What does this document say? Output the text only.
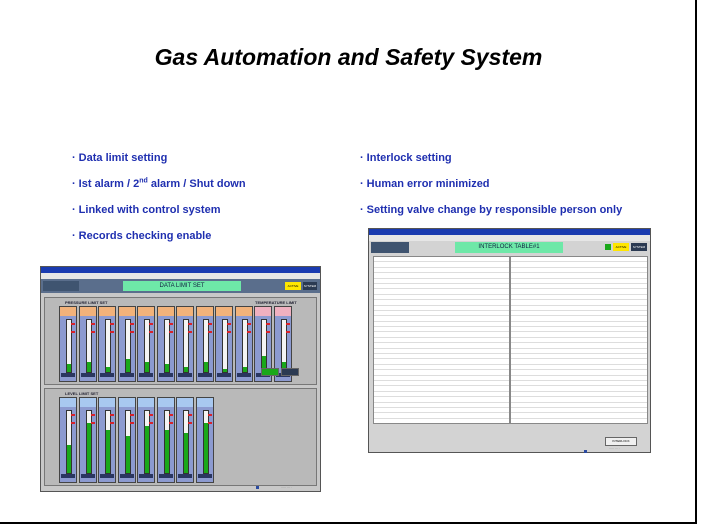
Gas Automation and Safety System
· Data limit setting
· Ist alarm / 2nd alarm / Shut down
· Linked with control system
· Records checking enable
· Interlock setting
· Human error minimized
· Setting valve change by responsible person only
DATA LIMIT SET	ACTIVE	SYSTEM
PRESSURE LIMIT SET	TEMPERATURE LIMIT
LEVEL LIMIT SET
····· ··· ·
INTERLOCK TABLE#1	ACTIVE	SYSTEM
INTERLOCK
····· ··· ·
